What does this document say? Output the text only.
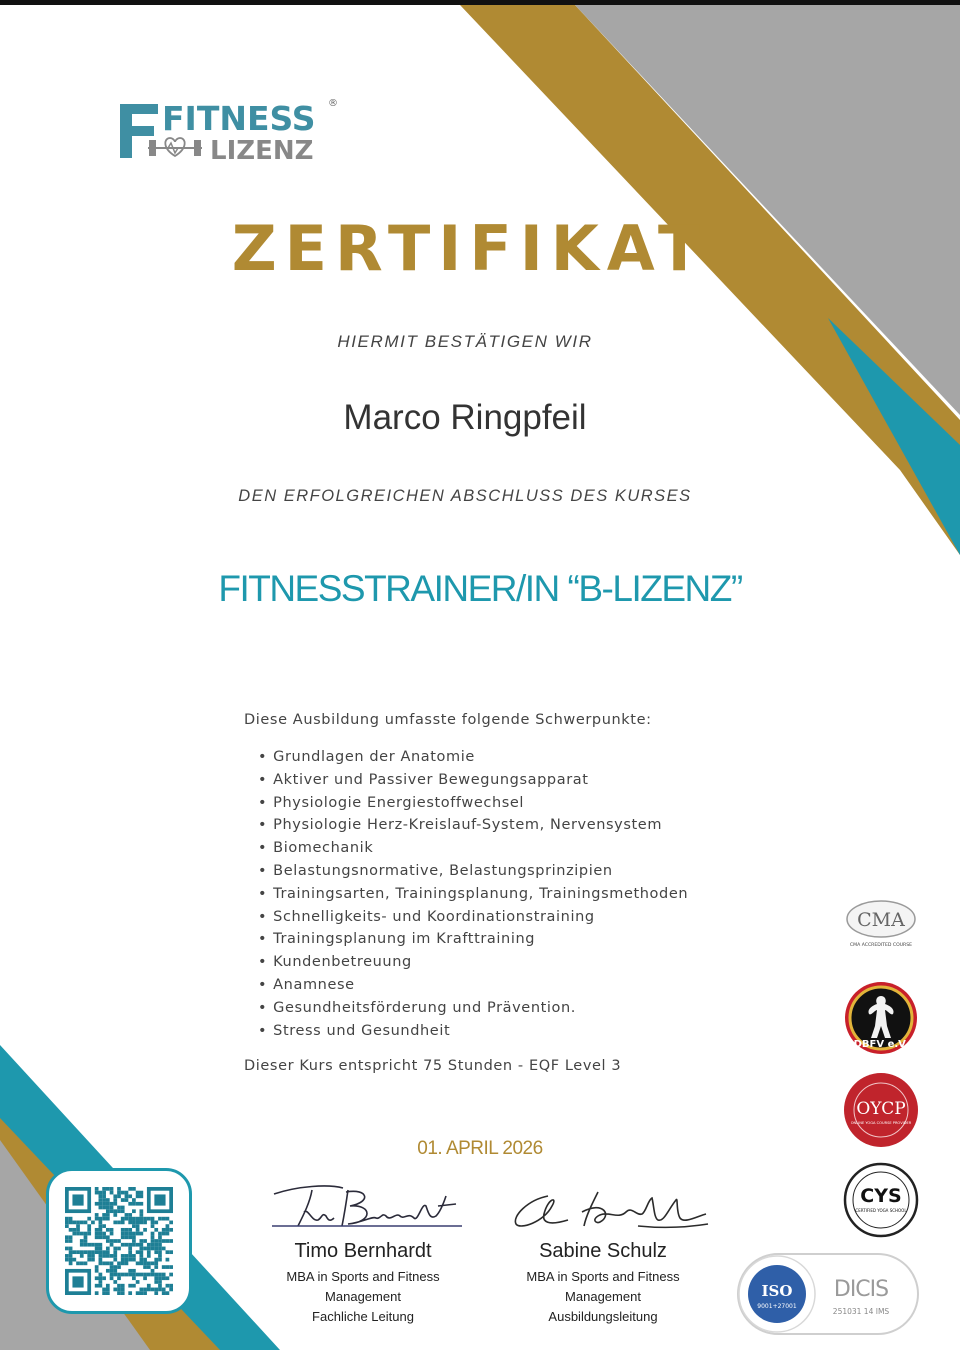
FITNESS ®
LIZENZ
ZERTIFIKAT
HIERMIT BESTÄTIGEN WIR
Marco Ringpfeil
DEN ERFOLGREICHEN ABSCHLUSS DES KURSES
FITNESSTRAINER/IN “B-LIZENZ”
Diese Ausbildung umfasste folgende Schwerpunkte:
• Grundlagen der Anatomie
• Aktiver und Passiver Bewegungsapparat
• Physiologie Energiestoffwechsel
• Physiologie Herz-Kreislauf-System, Nervensystem
• Biomechanik
• Belastungsnormative, Belastungsprinzipien
• Trainingsarten, Trainingsplanung, Trainingsmethoden
• Schnelligkeits- und Koordinationstraining
• Trainingsplanung im Krafttraining
• Kundenbetreuung
• Anamnese
• Gesundheitsförderung und Prävention.
• Stress und Gesundheit
Dieser Kurs entspricht 75 Stunden - EQF Level 3
01. APRIL 2026
Timo Bernhardt
MBA in Sports and Fitness
Management
Fachliche Leitung
Sabine Schulz
MBA in Sports and Fitness
Management
Ausbildungsleitung
CMA
CMA ACCREDITED COURSE
DBFV e.V.
OYCP
ONLINE YOGA COURSE PROVIDER
CYS
CERTIFIED YOGA SCHOOL
ISO
9001+27001
DICIS
251031 14 IMS
